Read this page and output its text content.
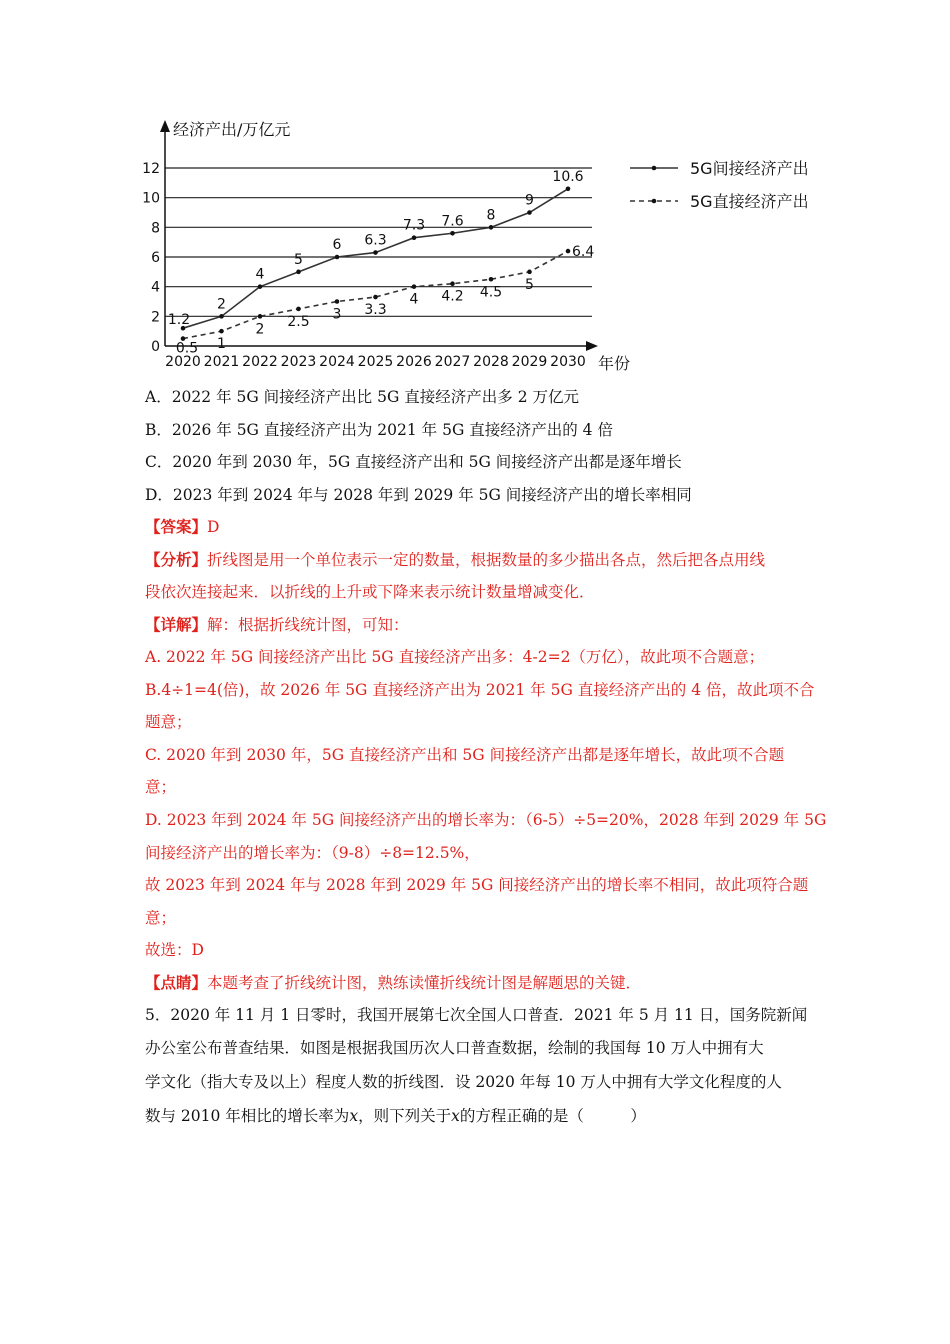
0
2
4
6
8
10
12
经济产出/万亿元
年份
2020 2021 2022 2023 2024 2025 2026 2027 2028 2029 2030
1.2
2
4
5
6 6.3
7.3 7.6 8
9
10.6
0.5 1
2 2.5 3 3.3
4 4.2 4.5 5
6.4
5G间接经济产出
5G直接经济产出
A．2022 年 5G 间接经济产出比 5G 直接经济产出多 2 万亿元
B．2026 年 5G 直接经济产出为 2021 年 5G 直接经济产出的 4 倍
C．2020 年到 2030 年，5G 直接经济产出和 5G 间接经济产出都是逐年增长
D．2023 年到 2024 年与 2028 年到 2029 年 5G 间接经济产出的增长率相同
【答案】D
【分析】折线图是用一个单位表示一定的数量，根据数量的多少描出各点，然后把各点用线
段依次连接起来．以折线的上升或下降来表示统计数量增减变化．
【详解】解：根据折线统计图，可知：
A. 2022 年 5G 间接经济产出比 5G 直接经济产出多：4-2=2（万亿），故此项不合题意；
B.4÷1=4(倍)，故 2026 年 5G 直接经济产出为 2021 年 5G 直接经济产出的 4 倍，故此项不合
题意；
C. 2020 年到 2030 年，5G 直接经济产出和 5G 间接经济产出都是逐年增长，故此项不合题
意；
D. 2023 年到 2024 年 5G 间接经济产出的增长率为：（6-5）÷5=20%，2028 年到 2029 年 5G
间接经济产出的增长率为：（9-8）÷8=12.5%，
故 2023 年到 2024 年与 2028 年到 2029 年 5G 间接经济产出的增长率不相同，故此项符合题
意；
故选：D
【点睛】本题考查了折线统计图，熟练读懂折线统计图是解题思的关键．
5．2020 年 11 月 1 日零时，我国开展第七次全国人口普查．2021 年 5 月 11 日，国务院新闻
办公室公布普查结果．如图是根据我国历次人口普查数据，绘制的我国每 10 万人中拥有大
学文化（指大专及以上）程度人数的折线图．设 2020 年每 10 万人中拥有大学文化程度的人
数与 2010 年相比的增长率为x，则下列关于x的方程正确的是（　　　）
